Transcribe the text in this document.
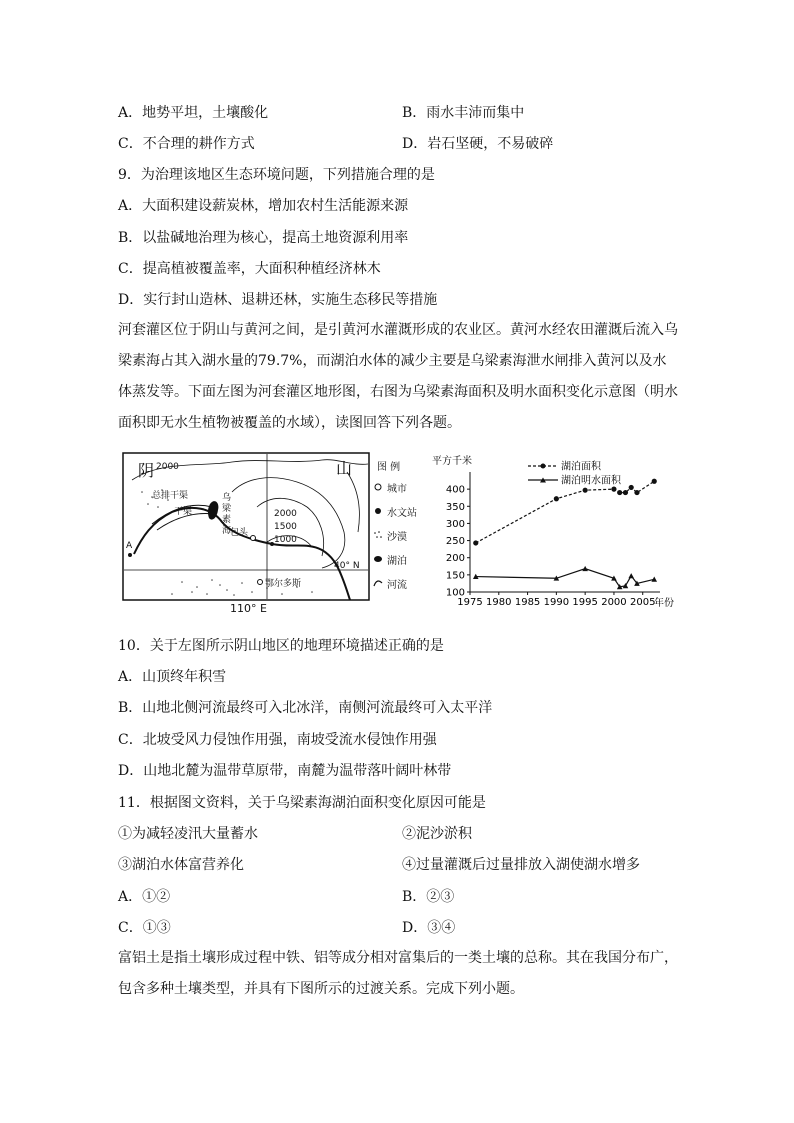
A．地势平坦，土壤酸化	B．雨水丰沛而集中
C．不合理的耕作方式	D．岩石坚硬，不易破碎
9．为治理该地区生态环境问题，下列措施合理的是
A．大面积建设薪炭林，增加农村生活能源来源
B．以盐碱地治理为核心，提高土地资源利用率
C．提高植被覆盖率，大面积种植经济林木
D．实行封山造林、退耕还林，实施生态移民等措施
河套灌区位于阴山与黄河之间，是引黄河水灌溉形成的农业区。黄河水经农田灌溉后流入乌梁素海占其入湖水量的79.7%，而湖泊水体的减少主要是乌梁素海泄水闸排入黄河以及水体蒸发等。下面左图为河套灌区地形图，右图为乌梁素海面积及明水面积变化示意图（明水面积即无水生植物被覆盖的水域），读图回答下列各题。
阴	山
2000
2000
1500
1000
总排干渠
干渠
乌
梁
素
海
包头
鄂尔多斯
40° N
A
110° E
图 例
城市
水文站
沙漠
湖泊
河流
平方千米
年份
100
150
200
250
300
350
400
1975 1980 1985 1990 1995 2000 2005
湖泊面积
湖泊明水面积
10．关于左图所示阴山地区的地理环境描述正确的是
A．山顶终年积雪
B．山地北侧河流最终可入北冰洋，南侧河流最终可入太平洋
C．北坡受风力侵蚀作用强，南坡受流水侵蚀作用强
D．山地北麓为温带草原带，南麓为温带落叶阔叶林带
11．根据图文资料，关于乌梁素海湖泊面积变化原因可能是
①为减轻凌汛大量蓄水	②泥沙淤积
③湖泊水体富营养化	④过量灌溉后过量排放入湖使湖水增多
A．①②	B．②③
C．①③	D．③④
富铝土是指土壤形成过程中铁、铝等成分相对富集后的一类土壤的总称。其在我国分布广，包含多种土壤类型，并具有下图所示的过渡关系。完成下列小题。
